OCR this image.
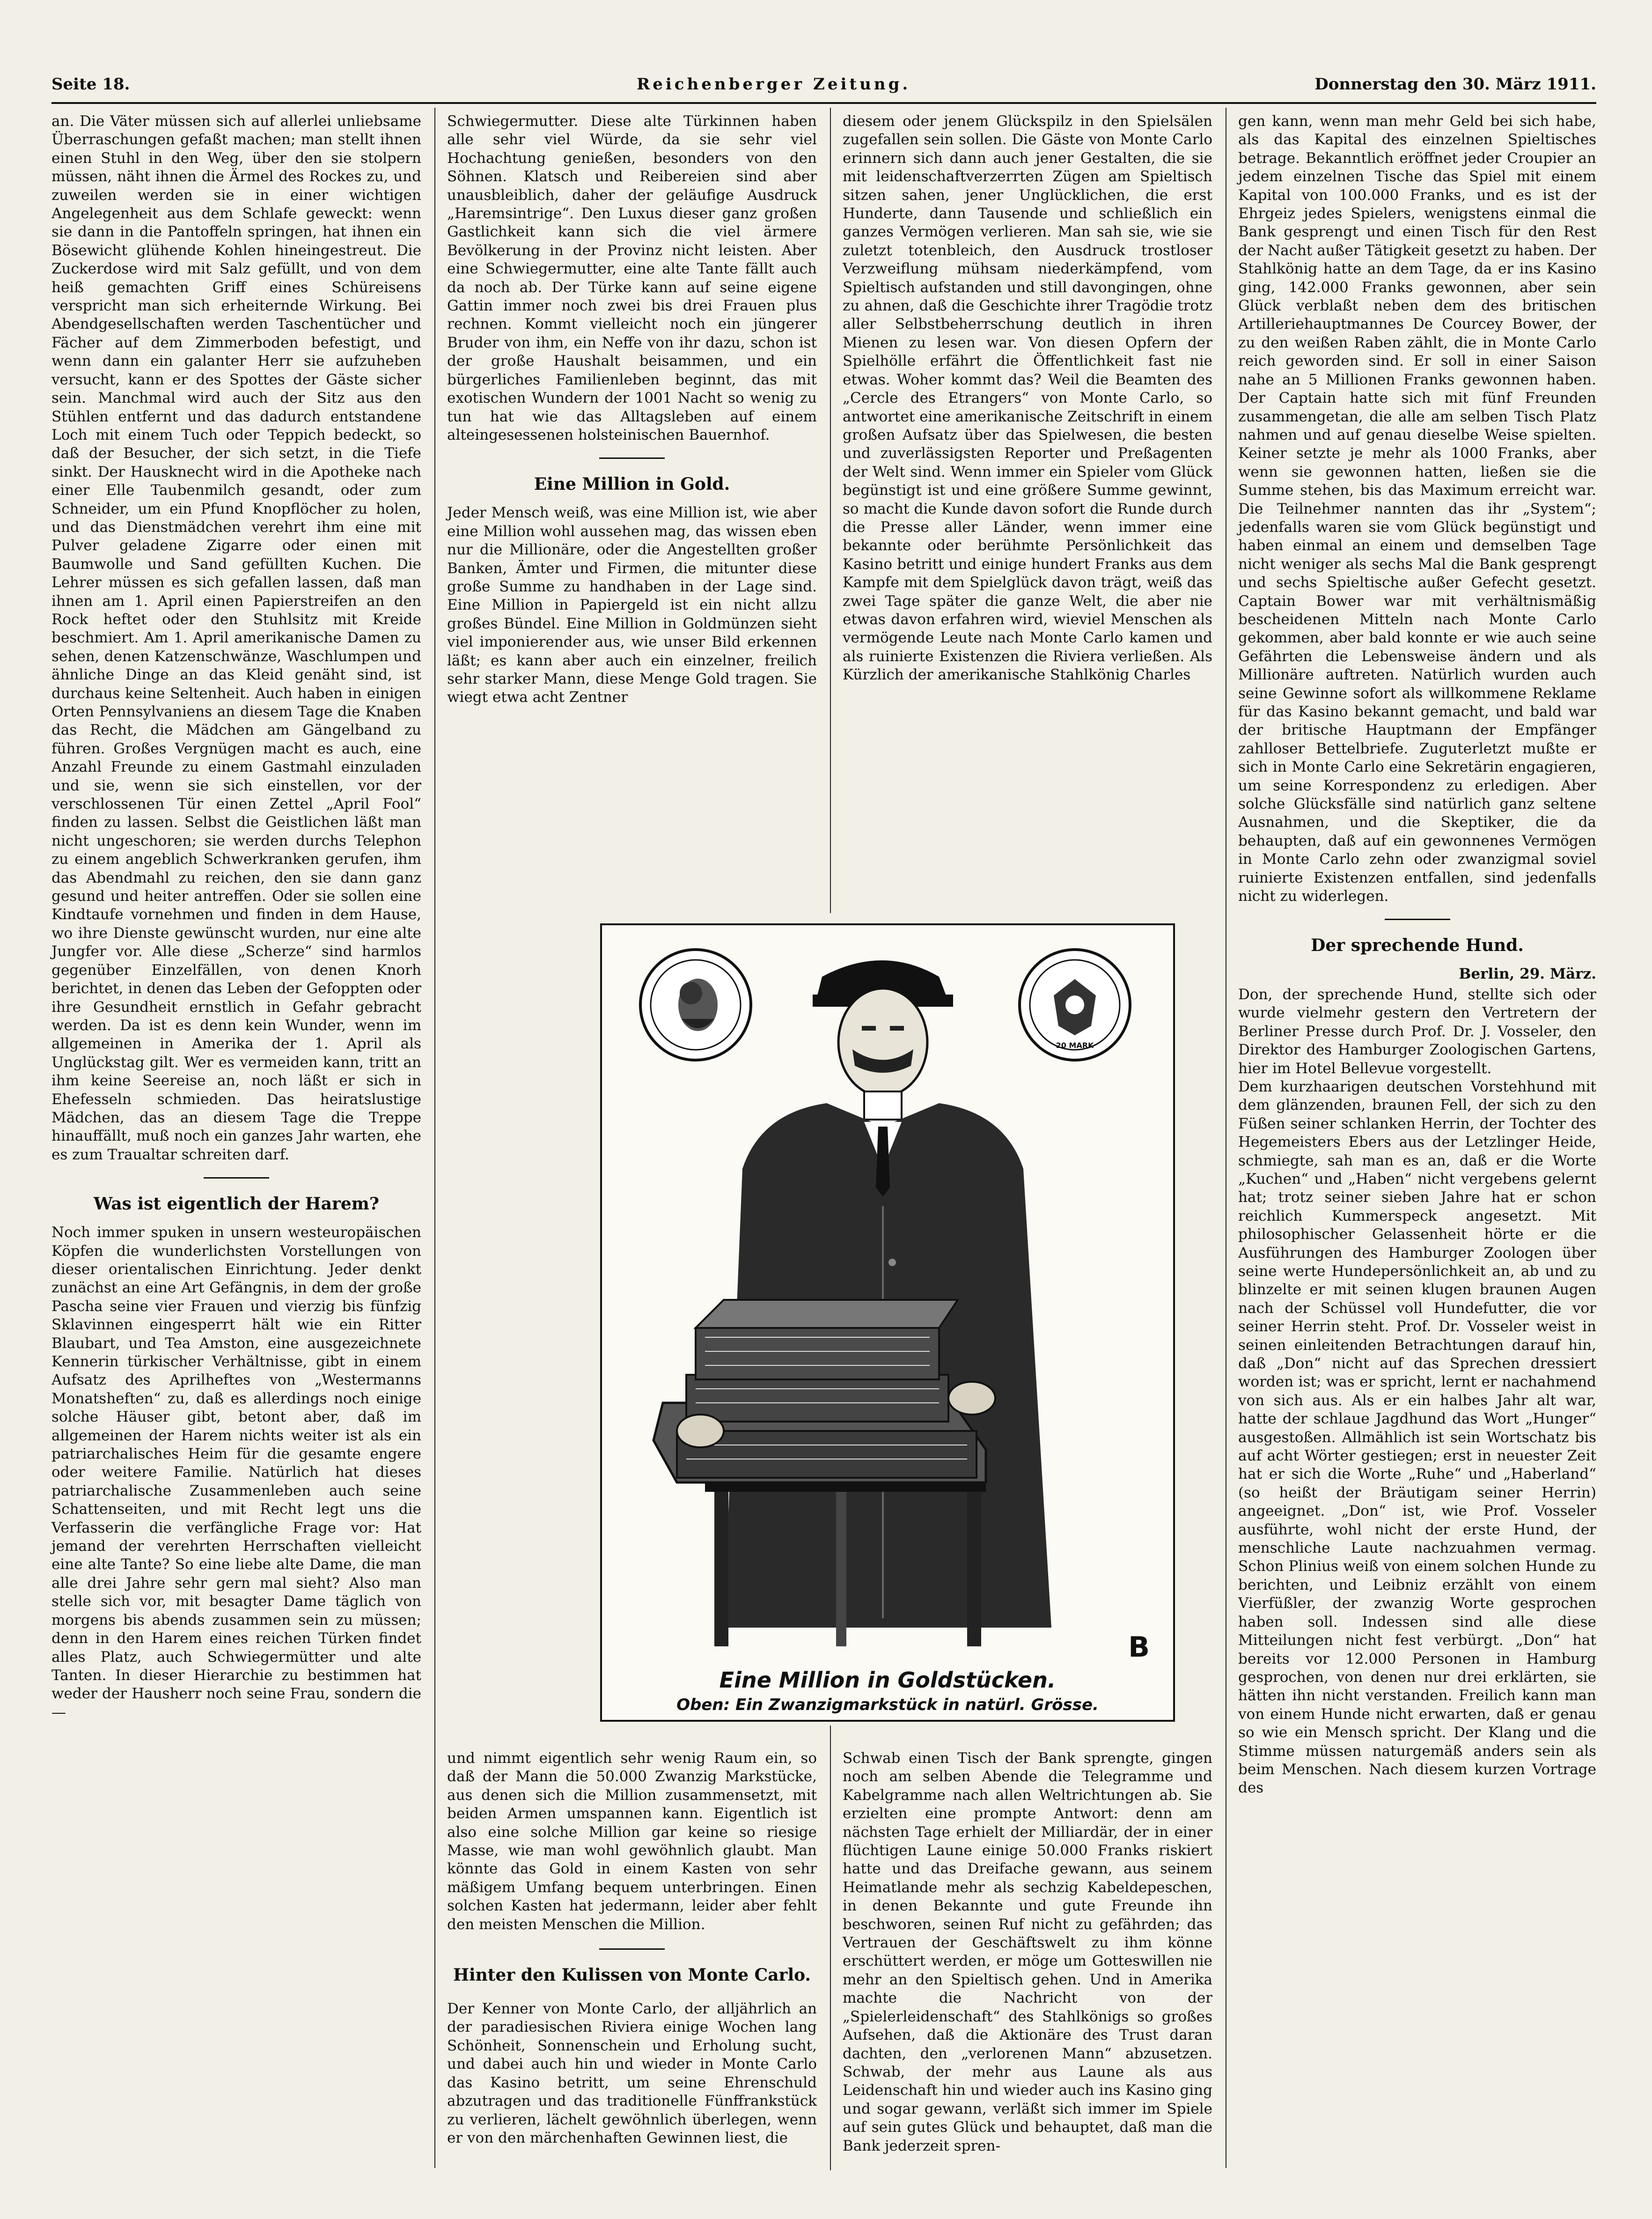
Seite 18.	Reichenberger Zeitung.	Donnerstag den 30. März 1911.

an. Die Väter müssen sich auf allerlei unliebsame Überraschungen gefaßt machen; man stellt ihnen einen Stuhl in den Weg, über den sie stolpern müssen, näht ihnen die Ärmel des Rockes zu, und zuweilen werden sie in einer wichtigen Angelegenheit aus dem Schlafe geweckt: wenn sie dann in die Pantoffeln springen, hat ihnen ein Bösewicht glühende Kohlen hineingestreut. Die Zuckerdose wird mit Salz gefüllt, und von dem heiß gemachten Griff eines Schüreisens verspricht man sich erheiternde Wirkung. Bei Abendgesellschaften werden Taschentücher und Fächer auf dem Zimmerboden befestigt, und wenn dann ein galanter Herr sie aufzuheben versucht, kann er des Spottes der Gäste sicher sein. Manchmal wird auch der Sitz aus den Stühlen entfernt und das dadurch entstandene Loch mit einem Tuch oder Teppich bedeckt, so daß der Besucher, der sich setzt, in die Tiefe sinkt. Der Hausknecht wird in die Apotheke nach einer Elle Taubenmilch gesandt, oder zum Schneider, um ein Pfund Knopflöcher zu holen, und das Dienstmädchen verehrt ihm eine mit Pulver geladene Zigarre oder einen mit Baumwolle und Sand gefüllten Kuchen. Die Lehrer müssen es sich gefallen lassen, daß man ihnen am 1. April einen Papierstreifen an den Rock heftet oder den Stuhlsitz mit Kreide beschmiert. Am 1. April amerikanische Damen zu sehen, denen Katzenschwänze, Waschlumpen und ähnliche Dinge an das Kleid genäht sind, ist durchaus keine Seltenheit. Auch haben in einigen Orten Pennsylvaniens an diesem Tage die Knaben das Recht, die Mädchen am Gängelband zu führen. Großes Vergnügen macht es auch, eine Anzahl Freunde zu einem Gastmahl einzuladen und sie, wenn sie sich einstellen, vor der verschlossenen Tür einen Zettel „April Fool“ finden zu lassen. Selbst die Geistlichen läßt man nicht ungeschoren; sie werden durchs Telephon zu einem angeblich Schwerkranken gerufen, ihm das Abendmahl zu reichen, den sie dann ganz gesund und heiter antreffen. Oder sie sollen eine Kindtaufe vornehmen und finden in dem Hause, wo ihre Dienste gewünscht wurden, nur eine alte Jungfer vor. Alle diese „Scherze“ sind harmlos gegenüber Einzelfällen, von denen Knorh berichtet, in denen das Leben der Gefoppten oder ihre Gesundheit ernstlich in Gefahr gebracht werden. Da ist es denn kein Wunder, wenn im allgemeinen in Amerika der 1. April als Unglückstag gilt. Wer es vermeiden kann, tritt an ihm keine Seereise an, noch läßt er sich in Ehefesseln schmieden. Das heiratslustige Mädchen, das an diesem Tage die Treppe hinauffällt, muß noch ein ganzes Jahr warten, ehe es zum Traualtar schreiten darf.

Was ist eigentlich der Harem?

Noch immer spuken in unsern westeuropäischen Köpfen die wunderlichsten Vorstellungen von dieser orientalischen Einrichtung. Jeder denkt zunächst an eine Art Gefängnis, in dem der große Pascha seine vier Frauen und vierzig bis fünfzig Sklavinnen eingesperrt hält wie ein Ritter Blaubart, und Tea Amston, eine ausgezeichnete Kennerin türkischer Verhältnisse, gibt in einem Aufsatz des Aprilheftes von „Westermanns Monatsheften“ zu, daß es allerdings noch einige solche Häuser gibt, betont aber, daß im allgemeinen der Harem nichts weiter ist als ein patriarchalisches Heim für die gesamte engere oder weitere Familie. Natürlich hat dieses patriarchalische Zusammenleben auch seine Schattenseiten, und mit Recht legt uns die Verfasserin die verfängliche Frage vor: Hat jemand der verehrten Herrschaften vielleicht eine alte Tante? So eine liebe alte Dame, die man alle drei Jahre sehr gern mal sieht? Also man stelle sich vor, mit besagter Dame täglich von morgens bis abends zusammen sein zu müssen; denn in den Harem eines reichen Türken findet alles Platz, auch Schwiegermütter und alte Tanten. In dieser Hierarchie zu bestimmen hat weder der Hausherr noch seine Frau, sondern die —

Schwiegermutter. Diese alte Türkinnen haben alle sehr viel Würde, da sie sehr viel Hochachtung genießen, besonders von den Söhnen. Klatsch und Reibereien sind aber unausbleiblich, daher der geläufige Ausdruck „Haremsintrige“. Den Luxus dieser ganz großen Gastlichkeit kann sich die viel ärmere Bevölkerung in der Provinz nicht leisten. Aber eine Schwiegermutter, eine alte Tante fällt auch da noch ab. Der Türke kann auf seine eigene Gattin immer noch zwei bis drei Frauen plus rechnen. Kommt vielleicht noch ein jüngerer Bruder von ihm, ein Neffe von ihr dazu, schon ist der große Haushalt beisammen, und ein bürgerliches Familienleben beginnt, das mit exotischen Wundern der 1001 Nacht so wenig zu tun hat wie das Alltagsleben auf einem alteingesessenen holsteinischen Bauernhof.

Eine Million in Gold.

Jeder Mensch weiß, was eine Million ist, wie aber eine Million wohl aussehen mag, das wissen eben nur die Millionäre, oder die Angestellten großer Banken, Ämter und Firmen, die mitunter diese große Summe zu handhaben in der Lage sind. Eine Million in Papiergeld ist ein nicht allzu großes Bündel. Eine Million in Goldmünzen sieht viel imponierender aus, wie unser Bild erkennen läßt; es kann aber auch ein einzelner, freilich sehr starker Mann, diese Menge Gold tragen. Sie wiegt etwa acht Zentner

diesem oder jenem Glückspilz in den Spielsälen zugefallen sein sollen. Die Gäste von Monte Carlo erinnern sich dann auch jener Gestalten, die sie mit leidenschaftverzerrten Zügen am Spieltisch sitzen sahen, jener Unglücklichen, die erst Hunderte, dann Tausende und schließlich ein ganzes Vermögen verlieren. Man sah sie, wie sie zuletzt totenbleich, den Ausdruck trostloser Verzweiflung mühsam niederkämpfend, vom Spieltisch aufstanden und still davongingen, ohne zu ahnen, daß die Geschichte ihrer Tragödie trotz aller Selbstbeherrschung deutlich in ihren Mienen zu lesen war. Von diesen Opfern der Spielhölle erfährt die Öffentlichkeit fast nie etwas. Woher kommt das? Weil die Beamten des „Cercle des Etrangers“ von Monte Carlo, so antwortet eine amerikanische Zeitschrift in einem großen Aufsatz über das Spielwesen, die besten und zuverlässigsten Reporter und Preßagenten der Welt sind. Wenn immer ein Spieler vom Glück begünstigt ist und eine größere Summe gewinnt, so macht die Kunde davon sofort die Runde durch die Presse aller Länder, wenn immer eine bekannte oder berühmte Persönlichkeit das Kasino betritt und einige hundert Franks aus dem Kampfe mit dem Spielglück davon trägt, weiß das zwei Tage später die ganze Welt, die aber nie etwas davon erfahren wird, wieviel Menschen als vermögende Leute nach Monte Carlo kamen und als ruinierte Existenzen die Riviera verließen. Als Kürzlich der amerikanische Stahlkönig Charles

gen kann, wenn man mehr Geld bei sich habe, als das Kapital des einzelnen Spieltisches betrage. Bekanntlich eröffnet jeder Croupier an jedem einzelnen Tische das Spiel mit einem Kapital von 100.000 Franks, und es ist der Ehrgeiz jedes Spielers, wenigstens einmal die Bank gesprengt und einen Tisch für den Rest der Nacht außer Tätigkeit gesetzt zu haben. Der Stahlkönig hatte an dem Tage, da er ins Kasino ging, 142.000 Franks gewonnen, aber sein Glück verblaßt neben dem des britischen Artilleriehauptmannes De Courcey Bower, der zu den weißen Raben zählt, die in Monte Carlo reich geworden sind. Er soll in einer Saison nahe an 5 Millionen Franks gewonnen haben. Der Captain hatte sich mit fünf Freunden zusammengetan, die alle am selben Tisch Platz nahmen und auf genau dieselbe Weise spielten. Keiner setzte je mehr als 1000 Franks, aber wenn sie gewonnen hatten, ließen sie die Summe stehen, bis das Maximum erreicht war. Die Teilnehmer nannten das ihr „System“; jedenfalls waren sie vom Glück begünstigt und haben einmal an einem und demselben Tage nicht weniger als sechs Mal die Bank gesprengt und sechs Spieltische außer Gefecht gesetzt. Captain Bower war mit verhältnismäßig bescheidenen Mitteln nach Monte Carlo gekommen, aber bald konnte er wie auch seine Gefährten die Lebensweise ändern und als Millionäre auftreten. Natürlich wurden auch seine Gewinne sofort als willkommene Reklame für das Kasino bekannt gemacht, und bald war der britische Hauptmann der Empfänger zahlloser Bettelbriefe. Zuguterletzt mußte er sich in Monte Carlo eine Sekretärin engagieren, um seine Korrespondenz zu erledigen. Aber solche Glücksfälle sind natürlich ganz seltene Ausnahmen, und die Skeptiker, die da behaupten, daß auf ein gewonnenes Vermögen in Monte Carlo zehn oder zwanzigmal soviel ruinierte Existenzen entfallen, sind jedenfalls nicht zu widerlegen.

Der sprechende Hund.
Berlin, 29. März.

Don, der sprechende Hund, stellte sich oder wurde vielmehr gestern den Vertretern der Berliner Presse durch Prof. Dr. J. Vosseler, den Direktor des Hamburger Zoologischen Gartens, hier im Hotel Bellevue vorgestellt.

Dem kurzhaarigen deutschen Vorstehhund mit dem glänzenden, braunen Fell, der sich zu den Füßen seiner schlanken Herrin, der Tochter des Hegemeisters Ebers aus der Letzlinger Heide, schmiegte, sah man es an, daß er die Worte „Kuchen“ und „Haben“ nicht vergebens gelernt hat; trotz seiner sieben Jahre hat er schon reichlich Kummerspeck angesetzt. Mit philosophischer Gelassenheit hörte er die Ausführungen des Hamburger Zoologen über seine werte Hundepersönlichkeit an, ab und zu blinzelte er mit seinen klugen braunen Augen nach der Schüssel voll Hundefutter, die vor seiner Herrin steht. Prof. Dr. Vosseler weist in seinen einleitenden Betrachtungen darauf hin, daß „Don“ nicht auf das Sprechen dressiert worden ist; was er spricht, lernt er nachahmend von sich aus. Als er ein halbes Jahr alt war, hatte der schlaue Jagdhund das Wort „Hunger“ ausgestoßen. Allmählich ist sein Wortschatz bis auf acht Wörter gestiegen; erst in neuester Zeit hat er sich die Worte „Ruhe“ und „Haberland“ (so heißt der Bräutigam seiner Herrin) angeeignet. „Don“ ist, wie Prof. Vosseler ausführte, wohl nicht der erste Hund, der menschliche Laute nachzuahmen vermag. Schon Plinius weiß von einem solchen Hunde zu berichten, und Leibniz erzählt von einem Vierfüßler, der zwanzig Worte gesprochen haben soll. Indessen sind alle diese Mitteilungen nicht fest verbürgt. „Don“ hat bereits vor 12.000 Personen in Hamburg gesprochen, von denen nur drei erklärten, sie hätten ihn nicht verstanden. Freilich kann man von einem Hunde nicht erwarten, daß er genau so wie ein Mensch spricht. Der Klang und die Stimme müssen naturgemäß anders sein als beim Menschen. Nach diesem kurzen Vortrage des

20 MARK
B
Eine Million in Goldstücken.
Oben: Ein Zwanzigmarkstück in natürl. Grösse.

und nimmt eigentlich sehr wenig Raum ein, so daß der Mann die 50.000 Zwanzig Markstücke, aus denen sich die Million zusammensetzt, mit beiden Armen umspannen kann. Eigentlich ist also eine solche Million gar keine so riesige Masse, wie man wohl gewöhnlich glaubt. Man könnte das Gold in einem Kasten von sehr mäßigem Umfang bequem unterbringen. Einen solchen Kasten hat jedermann, leider aber fehlt den meisten Menschen die Million.

Hinter den Kulissen von Monte Carlo.

Der Kenner von Monte Carlo, der alljährlich an der paradiesischen Riviera einige Wochen lang Schönheit, Sonnenschein und Erholung sucht, und dabei auch hin und wieder in Monte Carlo das Kasino betritt, um seine Ehrenschuld abzutragen und das traditionelle Fünffrankstück zu verlieren, lächelt gewöhnlich überlegen, wenn er von den märchenhaften Gewinnen liest, die

Schwab einen Tisch der Bank sprengte, gingen noch am selben Abende die Telegramme und Kabelgramme nach allen Weltrichtungen ab. Sie erzielten eine prompte Antwort: denn am nächsten Tage erhielt der Milliardär, der in einer flüchtigen Laune einige 50.000 Franks riskiert hatte und das Dreifache gewann, aus seinem Heimatlande mehr als sechzig Kabeldepeschen, in denen Bekannte und gute Freunde ihn beschworen, seinen Ruf nicht zu gefährden; das Vertrauen der Geschäftswelt zu ihm könne erschüttert werden, er möge um Gotteswillen nie mehr an den Spieltisch gehen. Und in Amerika machte die Nachricht von der „Spielerleidenschaft“ des Stahlkönigs so großes Aufsehen, daß die Aktionäre des Trust daran dachten, den „verlorenen Mann“ abzusetzen. Schwab, der mehr aus Laune als aus Leidenschaft hin und wieder auch ins Kasino ging und sogar gewann, verläßt sich immer im Spiele auf sein gutes Glück und behauptet, daß man die Bank jederzeit spren-
